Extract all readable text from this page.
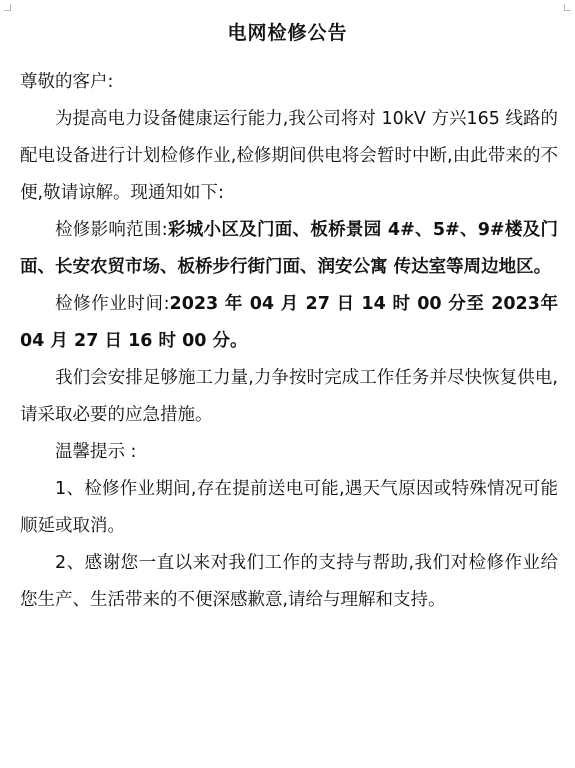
电网检修公告

尊敬的客户:

为提高电力设备健康运行能力,我公司将对 10kV 方兴165 线路的配电设备进行计划检修作业,检修期间供电将会暂时中断,由此带来的不便,敬请谅解。现通知如下:

检修影响范围:彩城小区及门面、板桥景园 4#、5#、9#楼及门面、长安农贸市场、板桥步行街门面、润安公寓 传达室等周边地区。

检修作业时间:2023 年 04 月 27 日 14 时 00 分至 2023年 04 月 27 日 16 时 00 分。

我们会安排足够施工力量,力争按时完成工作任务并尽快恢复供电,请采取必要的应急措施。

温馨提示 :

1、检修作业期间,存在提前送电可能,遇天气原因或特殊情况可能顺延或取消。

2、感谢您一直以来对我们工作的支持与帮助,我们对检修作业给您生产、生活带来的不便深感歉意,请给与理解和支持。
